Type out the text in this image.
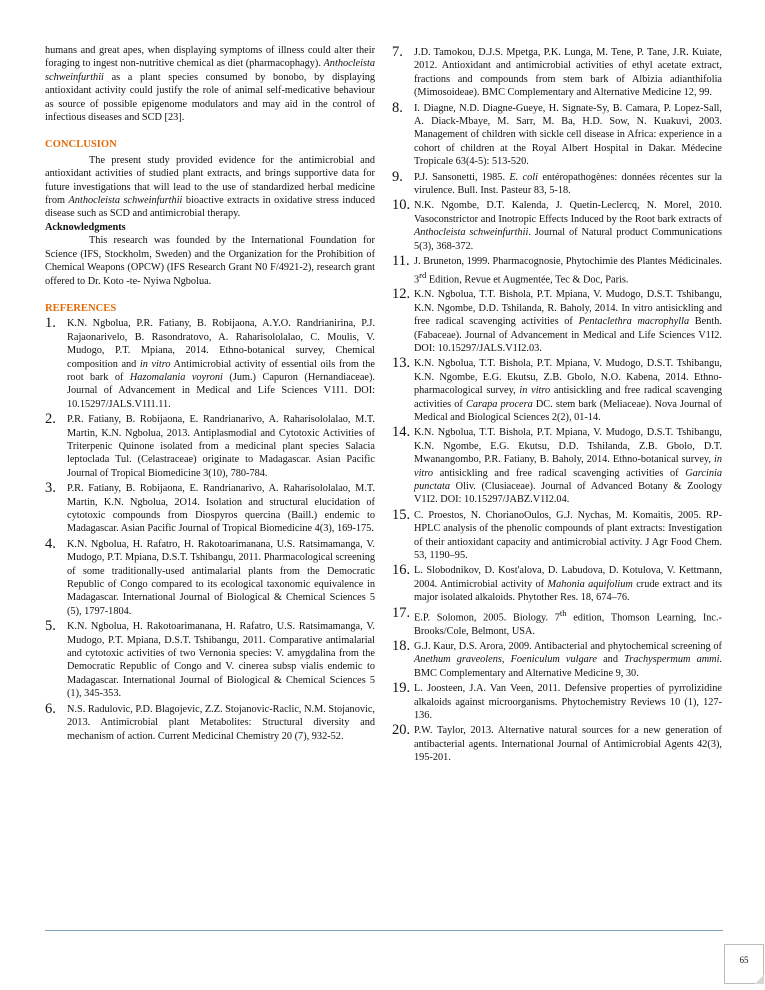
humans and great apes, when displaying symptoms of illness could alter their foraging to ingest non-nutritive chemical as diet (pharmacophagy). Anthocleista schweinfurthii as a plant species consumed by bonobo, by displaying antioxidant activity could justify the role of animal self-medicative behaviour as source of possible epigenome modulators and may aid in the control of infectious diseases and SCD [23].

CONCLUSION

The present study provided evidence for the antimicrobial and antioxidant activities of studied plant extracts, and brings supportive data for future investigations that will lead to the use of standardized herbal medicine from Anthocleista schweinfurthii bioactive extracts in oxidative stress induced disease such as SCD and antimicrobial therapy.

Acknowledgments

This research was founded by the International Foundation for Science (IFS, Stockholm, Sweden) and the Organization for the Prohibition of Chemical Weapons (OPCW) (IFS Research Grant N0 F/4921-2), research grant offered to Dr. Koto -te- Nyiwa Ngbolua.

REFERENCES
1. K.N. Ngbolua, P.R. Fatiany, B. Robijaona, A.Y.O. Randrianirina, P.J. Rajaonarivelo, B. Rasondratovo, A. Raharisololalao, C. Moulis, V. Mudogo, P.T. Mpiana, 2014. Ethno-botanical survey, Chemical composition and in vitro Antimicrobial activity of essential oils from the root bark of Hazomalania voyroni (Jum.) Capuron (Hernandiaceae). Journal of Advancement in Medical and Life Sciences V1I1. DOI: 10.15297/JALS.V1I1.11.
2. P.R. Fatiany, B. Robijaona, E. Randrianarivo, A. Raharisololalao, M.T. Martin, K.N. Ngbolua, 2013. Antiplasmodial and Cytotoxic Activities of Triterpenic Quinone isolated from a medicinal plant species Salacia leptoclada Tul. (Celastraceae) originate to Madagascar. Asian Pacific Journal of Tropical Biomedicine 3(10), 780-784.
3. P.R. Fatiany, B. Robijaona, E. Randrianarivo, A. Raharisololalao, M.T. Martin, K.N. Ngbolua, 2O14. Isolation and structural elucidation of cytotoxic compounds from Diospyros quercina (Baill.) endemic to Madagascar. Asian Pacific Journal of Tropical Biomedicine 4(3), 169-175.
4. K.N. Ngbolua, H. Rafatro, H. Rakotoarimanana, U.S. Ratsimamanga, V. Mudogo, P.T. Mpiana, D.S.T. Tshibangu, 2011. Pharmacological screening of some traditionally-used antimalarial plants from the Democratic Republic of Congo compared to its ecological taxonomic equivalence in Madagascar. International Journal of Biological & Chemical Sciences 5 (5), 1797-1804.
5. K.N. Ngbolua, H. Rakotoarimanana, H. Rafatro, U.S. Ratsimamanga, V. Mudogo, P.T. Mpiana, D.S.T. Tshibangu, 2011. Comparative antimalarial and cytotoxic activities of two Vernonia species: V. amygdalina from the Democratic Republic of Congo and V. cinerea subsp vialis endemic to Madagascar. International Journal of Biological & Chemical Sciences 5 (1), 345-353.
6. N.S. Radulovic, P.D. Blagojevic, Z.Z. Stojanovic-Raclic, N.M. Stojanovic, 2013. Antimicrobial plant Metabolites: Structural diversity and mechanism of action. Current Medicinal Chemistry 20 (7), 932-52.
7. J.D. Tamokou, D.J.S. Mpetga, P.K. Lunga, M. Tene, P. Tane, J.R. Kuiate, 2012. Antioxidant and antimicrobial activities of ethyl acetate extract, fractions and compounds from stem bark of Albizia adianthifolia (Mimosoideae). BMC Complementary and Alternative Medicine 12, 99.
8. I. Diagne, N.D. Diagne-Gueye, H. Signate-Sy, B. Camara, P. Lopez-Sall, A. Diack-Mbaye, M. Sarr, M. Ba, H.D. Sow, N. Kuakuvi, 2003. Management of children with sickle cell disease in Africa: experience in a cohort of children at the Royal Albert Hospital in Dakar. Médecine Tropicale 63(4-5): 513-520.
9. P.J. Sansonetti, 1985. E. coli entéropathogènes: données récentes sur la virulence. Bull. Inst. Pasteur 83, 5-18.
10. N.K. Ngombe, D.T. Kalenda, J. Quetin-Leclercq, N. Morel, 2010. Vasoconstrictor and Inotropic Effects Induced by the Root bark extracts of Anthocleista schweinfurthii. Journal of Natural product Communications 5(3), 368-372.
11. J. Bruneton, 1999. Pharmacognosie, Phytochimie des Plantes Médicinales. 3rd Edition, Revue et Augmentée, Tec & Doc, Paris.
12. K.N. Ngbolua, T.T. Bishola, P.T. Mpiana, V. Mudogo, D.S.T. Tshibangu, K.N. Ngombe, D.D. Tshilanda, R. Baholy, 2014. In vitro antisickling and free radical scavenging activities of Pentaclethra macrophylla Benth. (Fabaceae). Journal of Advancement in Medical and Life Sciences V1I2. DOI: 10.15297/JALS.V1I2.03.
13. K.N. Ngbolua, T.T. Bishola, P.T. Mpiana, V. Mudogo, D.S.T. Tshibangu, K.N. Ngombe, E.G. Ekutsu, Z.B. Gbolo, N.O. Kabena, 2014. Ethno-pharmacological survey, in vitro antisickling and free radical scavenging activities of Carapa procera DC. stem bark (Meliaceae). Nova Journal of Medical and Biological Sciences 2(2), 01-14.
14. K.N. Ngbolua, T.T. Bishola, P.T. Mpiana, V. Mudogo, D.S.T. Tshibangu, K.N. Ngombe, E.G. Ekutsu, D.D. Tshilanda, Z.B. Gbolo, D.T. Mwanangombo, P.R. Fatiany, B. Baholy, 2014. Ethno-botanical survey, in vitro antisickling and free radical scavenging activities of Garcinia punctata Oliv. (Clusiaceae). Journal of Advanced Botany & Zoology V1I2. DOI: 10.15297/JABZ.V1I2.04.
15. C. Proestos, N. ChorianoOulos, G.J. Nychas, M. Komaitis, 2005. RP-HPLC analysis of the phenolic compounds of plant extracts: Investigation of their antioxidant capacity and antimicrobial activity. J Agr Food Chem. 53, 1190–95.
16. L. Slobodnikov, D. Kost'alova, D. Labudova, D. Kotulova, V. Kettmann, 2004. Antimicrobial activity of Mahonia aquifolium crude extract and its major isolated alkaloids. Phytother Res. 18, 674–76.
17. E.P. Solomon, 2005. Biology. 7th edition, Thomson Learning, Inc.-Brooks/Cole, Belmont, USA.
18. G.J. Kaur, D.S. Arora, 2009. Antibacterial and phytochemical screening of Anethum graveolens, Foeniculum vulgare and Trachyspermum ammi. BMC Complementary and Alternative Medicine 9, 30.
19. L. Joosteen, J.A. Van Veen, 2011. Defensive properties of pyrrolizidine alkaloids against microorganisms. Phytochemistry Reviews 10 (1), 127-136.
20. P.W. Taylor, 2013. Alternative natural sources for a new generation of antibacterial agents. International Journal of Antimicrobial Agents 42(3), 195-201.
65
